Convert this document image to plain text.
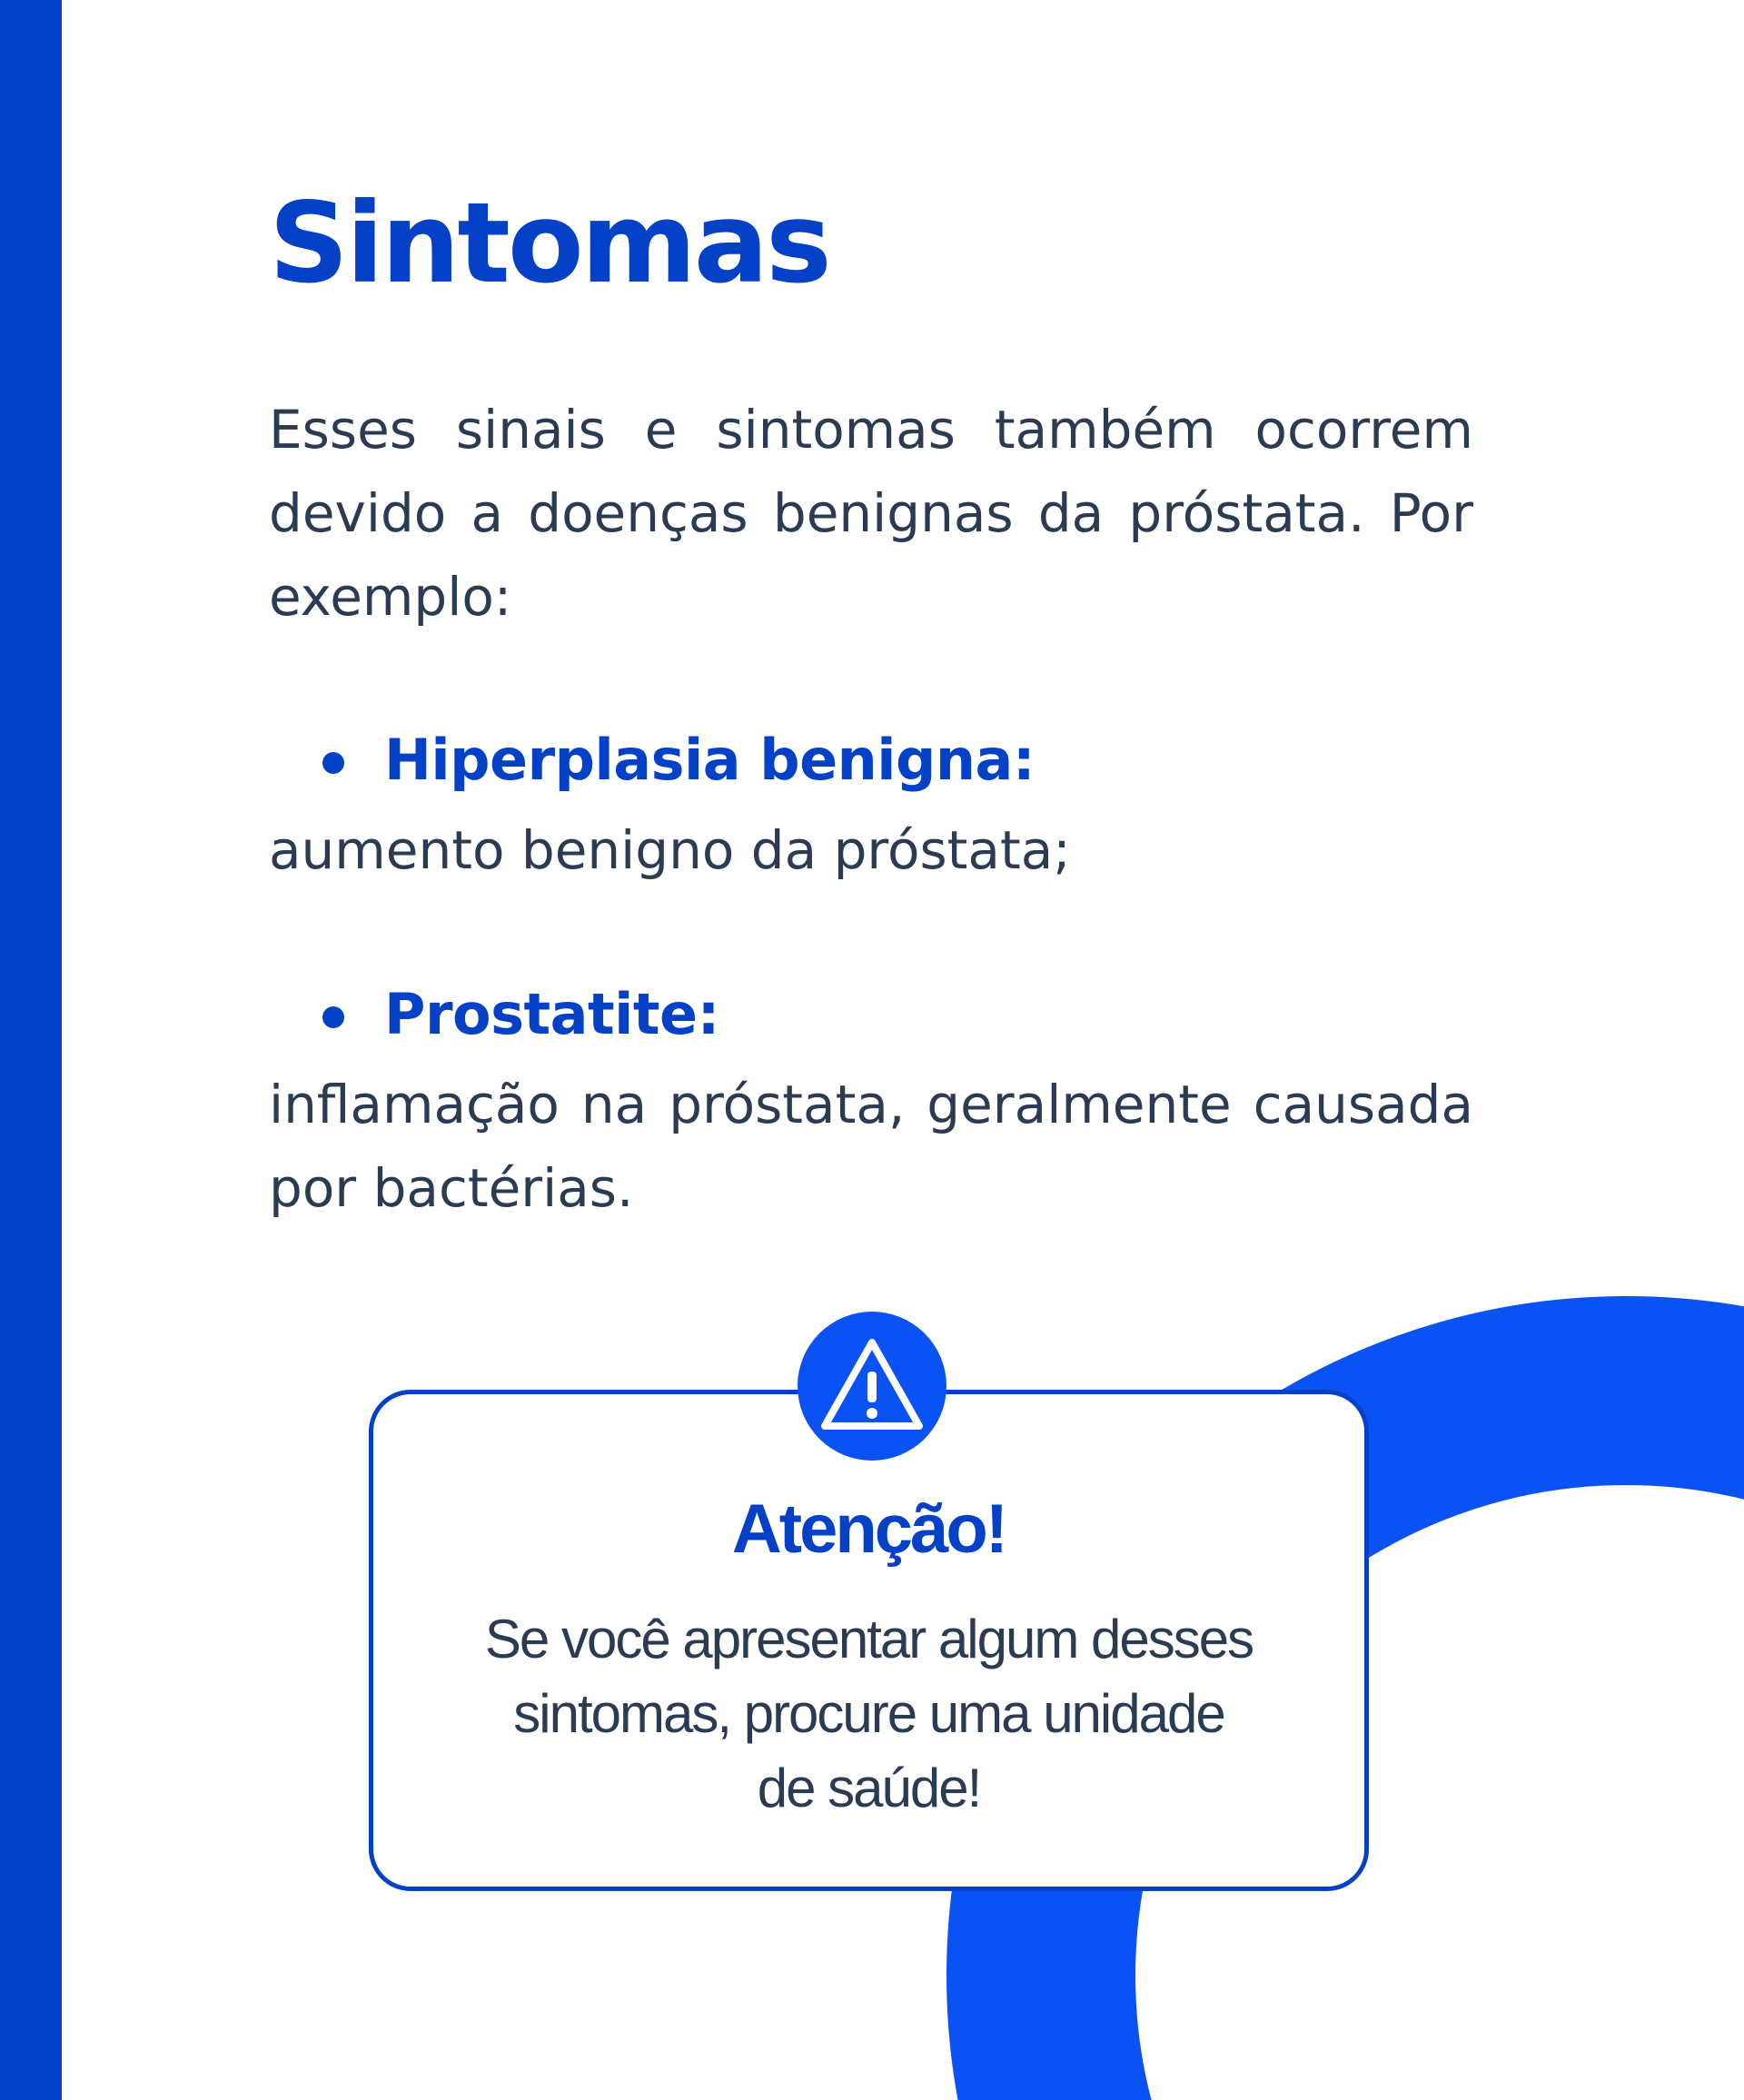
Sintomas

Esses sinais e sintomas também ocorrem devido a doenças benignas da próstata. Por exemplo:

Hiperplasia benigna:

aumento benigno da próstata;

Prostatite:

inflamação na próstata, geralmente causada por bactérias.

Atenção!

Se você apresentar algum desses
sintomas, procure uma unidade
de saúde!
